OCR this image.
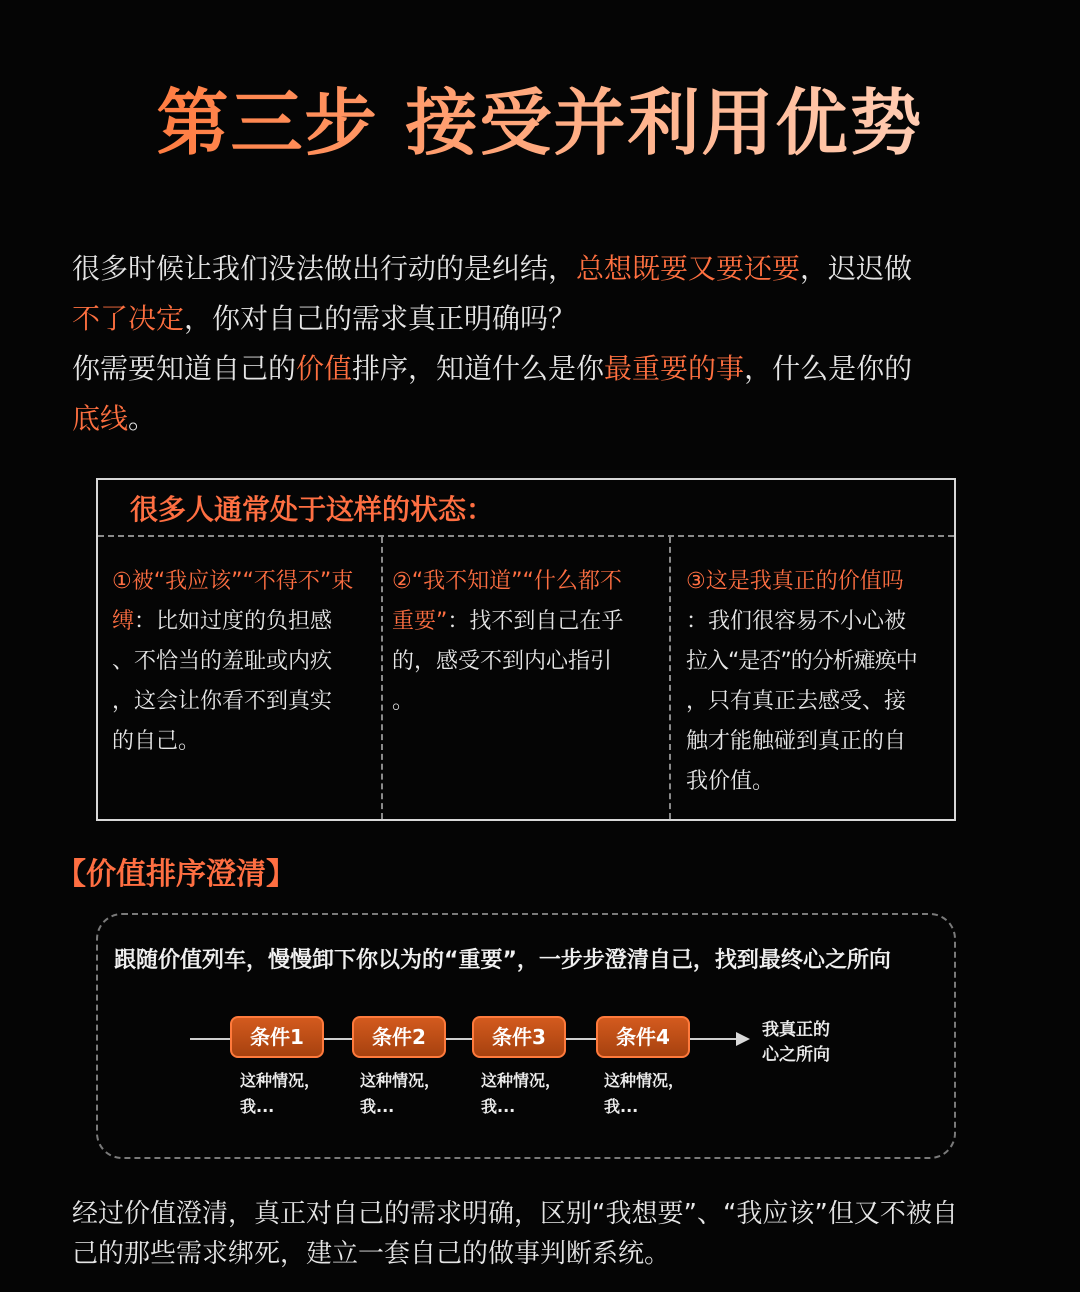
第三步 接受并利用优势

很多时候让我们没法做出行动的是纠结，总想既要又要还要，迟迟做

不了决定，你对自己的需求真正明确吗？

你需要知道自己的价值排序，知道什么是你最重要的事，什么是你的

底线。

很多人通常处于这样的状态：
①被“我应该”“不得不”束
缚：比如过度的负担感
、不恰当的羞耻或内疚
，这会让你看不到真实
的自己。
②“我不知道”“什么都不
重要”：找不到自己在乎
的，感受不到内心指引
。
③这是我真正的价值吗
：我们很容易不小心被
拉入“是否”的分析瘫痪中
，只有真正去感受、接
触才能触碰到真正的自
我价值。
【价值排序澄清】
跟随价值列车，慢慢卸下你以为的“重要”，一步步澄清自己，找到最终心之所向
条件1	条件2	条件3	条件4
这种情况，
我...
这种情况，
我...
这种情况，
我...
这种情况，
我...
我真正的
心之所向

经过价值澄清，真正对自己的需求明确，区别“我想要”、“我应该”但又不被自

己的那些需求绑死，建立一套自己的做事判断系统。
